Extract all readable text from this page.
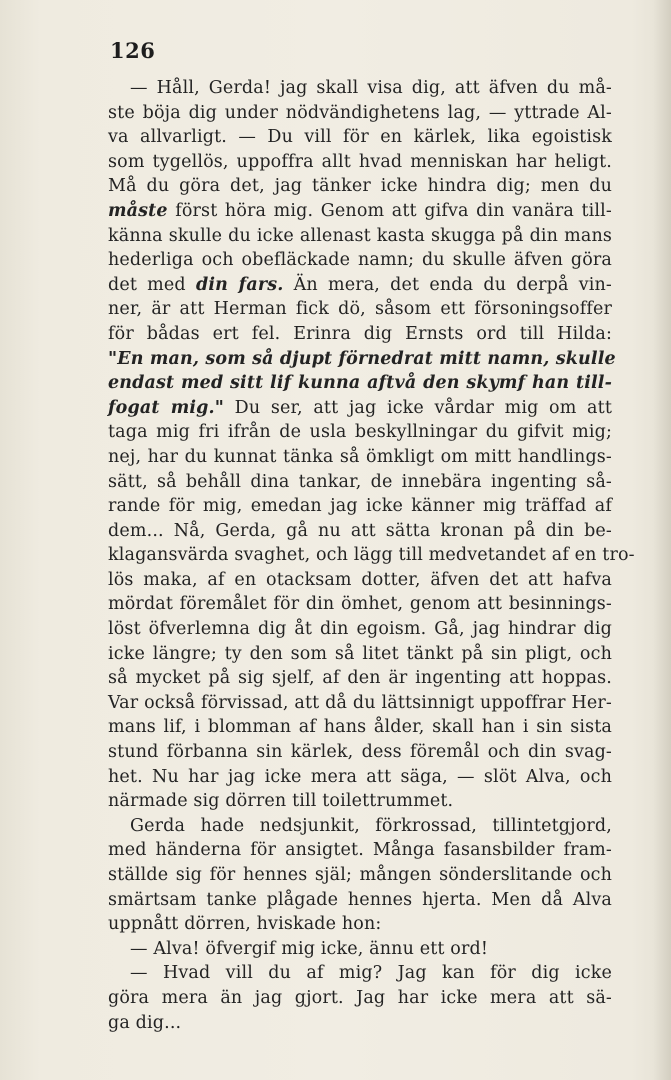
126
— Håll, Gerda! jag skall visa dig, att äfven du må-
ste böja dig under nödvändighetens lag, — yttrade Al-
va allvarligt. — Du vill för en kärlek, lika egoistisk
som tygellös, uppoffra allt hvad menniskan har heligt.
Må du göra det, jag tänker icke hindra dig; men du
måste först höra mig. Genom att gifva din vanära till-
känna skulle du icke allenast kasta skugga på din mans
hederliga och obefläckade namn; du skulle äfven göra
det med din fars. Än mera, det enda du derpå vin-
ner, är att Herman fick dö, såsom ett försoningsoffer
för bådas ert fel. Erinra dig Ernsts ord till Hilda:
"En man, som så djupt förnedrat mitt namn, skulle
endast med sitt lif kunna aftvå den skymf han till-
fogat mig." Du ser, att jag icke vårdar mig om att
taga mig fri ifrån de usla beskyllningar du gifvit mig;
nej, har du kunnat tänka så ömkligt om mitt handlings-
sätt, så behåll dina tankar, de innebära ingenting så-
rande för mig, emedan jag icke känner mig träffad af
dem... Nå, Gerda, gå nu att sätta kronan på din be-
klagansvärda svaghet, och lägg till medvetandet af en tro-
lös maka, af en otacksam dotter, äfven det att hafva
mördat föremålet för din ömhet, genom att besinnings-
löst öfverlemna dig åt din egoism. Gå, jag hindrar dig
icke längre; ty den som så litet tänkt på sin pligt, och
så mycket på sig sjelf, af den är ingenting att hoppas.
Var också förvissad, att då du lättsinnigt uppoffrar Her-
mans lif, i blomman af hans ålder, skall han i sin sista
stund förbanna sin kärlek, dess föremål och din svag-
het. Nu har jag icke mera att säga, — slöt Alva, och
närmade sig dörren till toilettrummet.
Gerda hade nedsjunkit, förkrossad, tillintetgjord,
med händerna för ansigtet. Många fasansbilder fram-
ställde sig för hennes själ; mången sönderslitande och
smärtsam tanke plågade hennes hjerta. Men då Alva
uppnått dörren, hviskade hon:
— Alva! öfvergif mig icke, ännu ett ord!
— Hvad vill du af mig? Jag kan för dig icke
göra mera än jag gjort. Jag har icke mera att sä-
ga dig...
